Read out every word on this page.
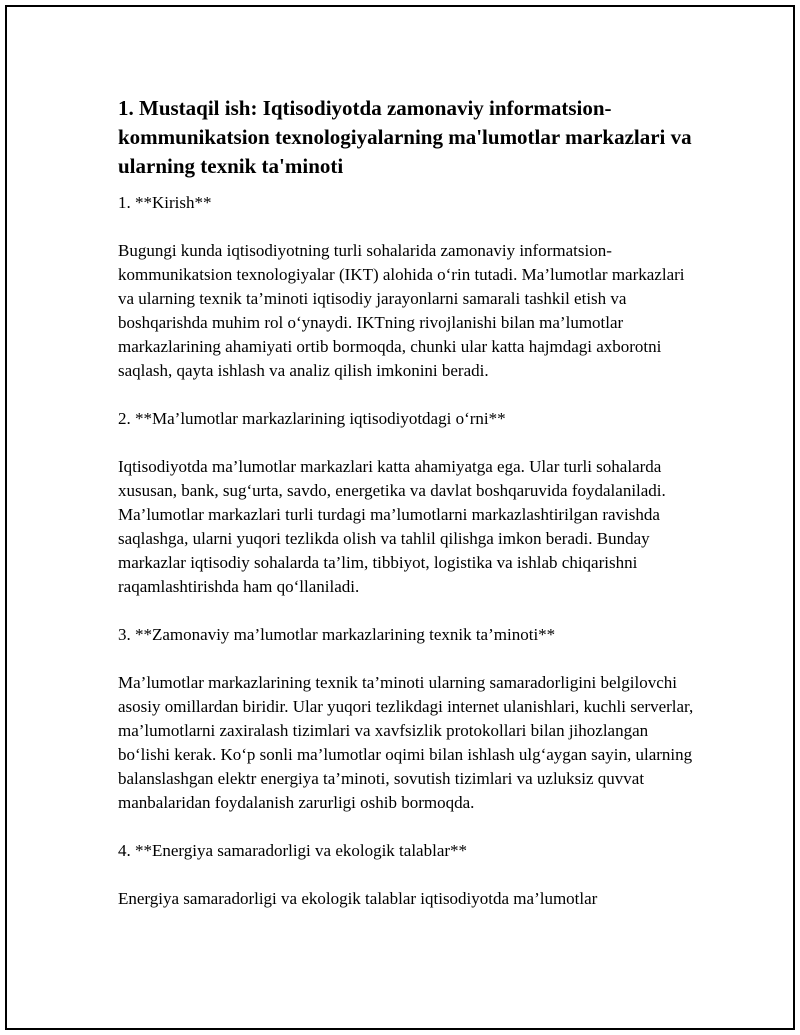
1. Mustaqil ish: Iqtisodiyotda zamonaviy informatsion-kommunikatsion texnologiyalarning ma'lumotlar markazlari va ularning texnik ta'minoti
1. **Kirish**

Bugungi kunda iqtisodiyotning turli sohalarida zamonaviy informatsion-kommunikatsion texnologiyalar (IKT) alohida o‘rin tutadi. Ma’lumotlar markazlari va ularning texnik ta’minoti iqtisodiy jarayonlarni samarali tashkil etish va boshqarishda muhim rol o‘ynaydi. IKTning rivojlanishi bilan ma’lumotlar markazlarining ahamiyati ortib bormoqda, chunki ular katta hajmdagi axborotni saqlash, qayta ishlash va analiz qilish imkonini beradi.

2. **Ma’lumotlar markazlarining iqtisodiyotdagi o‘rni**

Iqtisodiyotda ma’lumotlar markazlari katta ahamiyatga ega. Ular turli sohalarda xususan, bank, sug‘urta, savdo, energetika va davlat boshqaruvida foydalaniladi. Ma’lumotlar markazlari turli turdagi ma’lumotlarni markazlashtirilgan ravishda saqlashga, ularni yuqori tezlikda olish va tahlil qilishga imkon beradi. Bunday markazlar iqtisodiy sohalarda ta’lim, tibbiyot, logistika va ishlab chiqarishni raqamlashtirishda ham qo‘llaniladi.

3. **Zamonaviy ma’lumotlar markazlarining texnik ta’minoti**

Ma’lumotlar markazlarining texnik ta’minoti ularning samaradorligini belgilovchi asosiy omillardan biridir. Ular yuqori tezlikdagi internet ulanishlari, kuchli serverlar, ma’lumotlarni zaxiralash tizimlari va xavfsizlik protokollari bilan jihozlangan bo‘lishi kerak. Ko‘p sonli ma’lumotlar oqimi bilan ishlash ulg‘aygan sayin, ularning balanslashgan elektr energiya ta’minoti, sovutish tizimlari va uzluksiz quvvat manbalaridan foydalanish zarurligi oshib bormoqda.

4. **Energiya samaradorligi va ekologik talablar**

Energiya samaradorligi va ekologik talablar iqtisodiyotda ma’lumotlar
